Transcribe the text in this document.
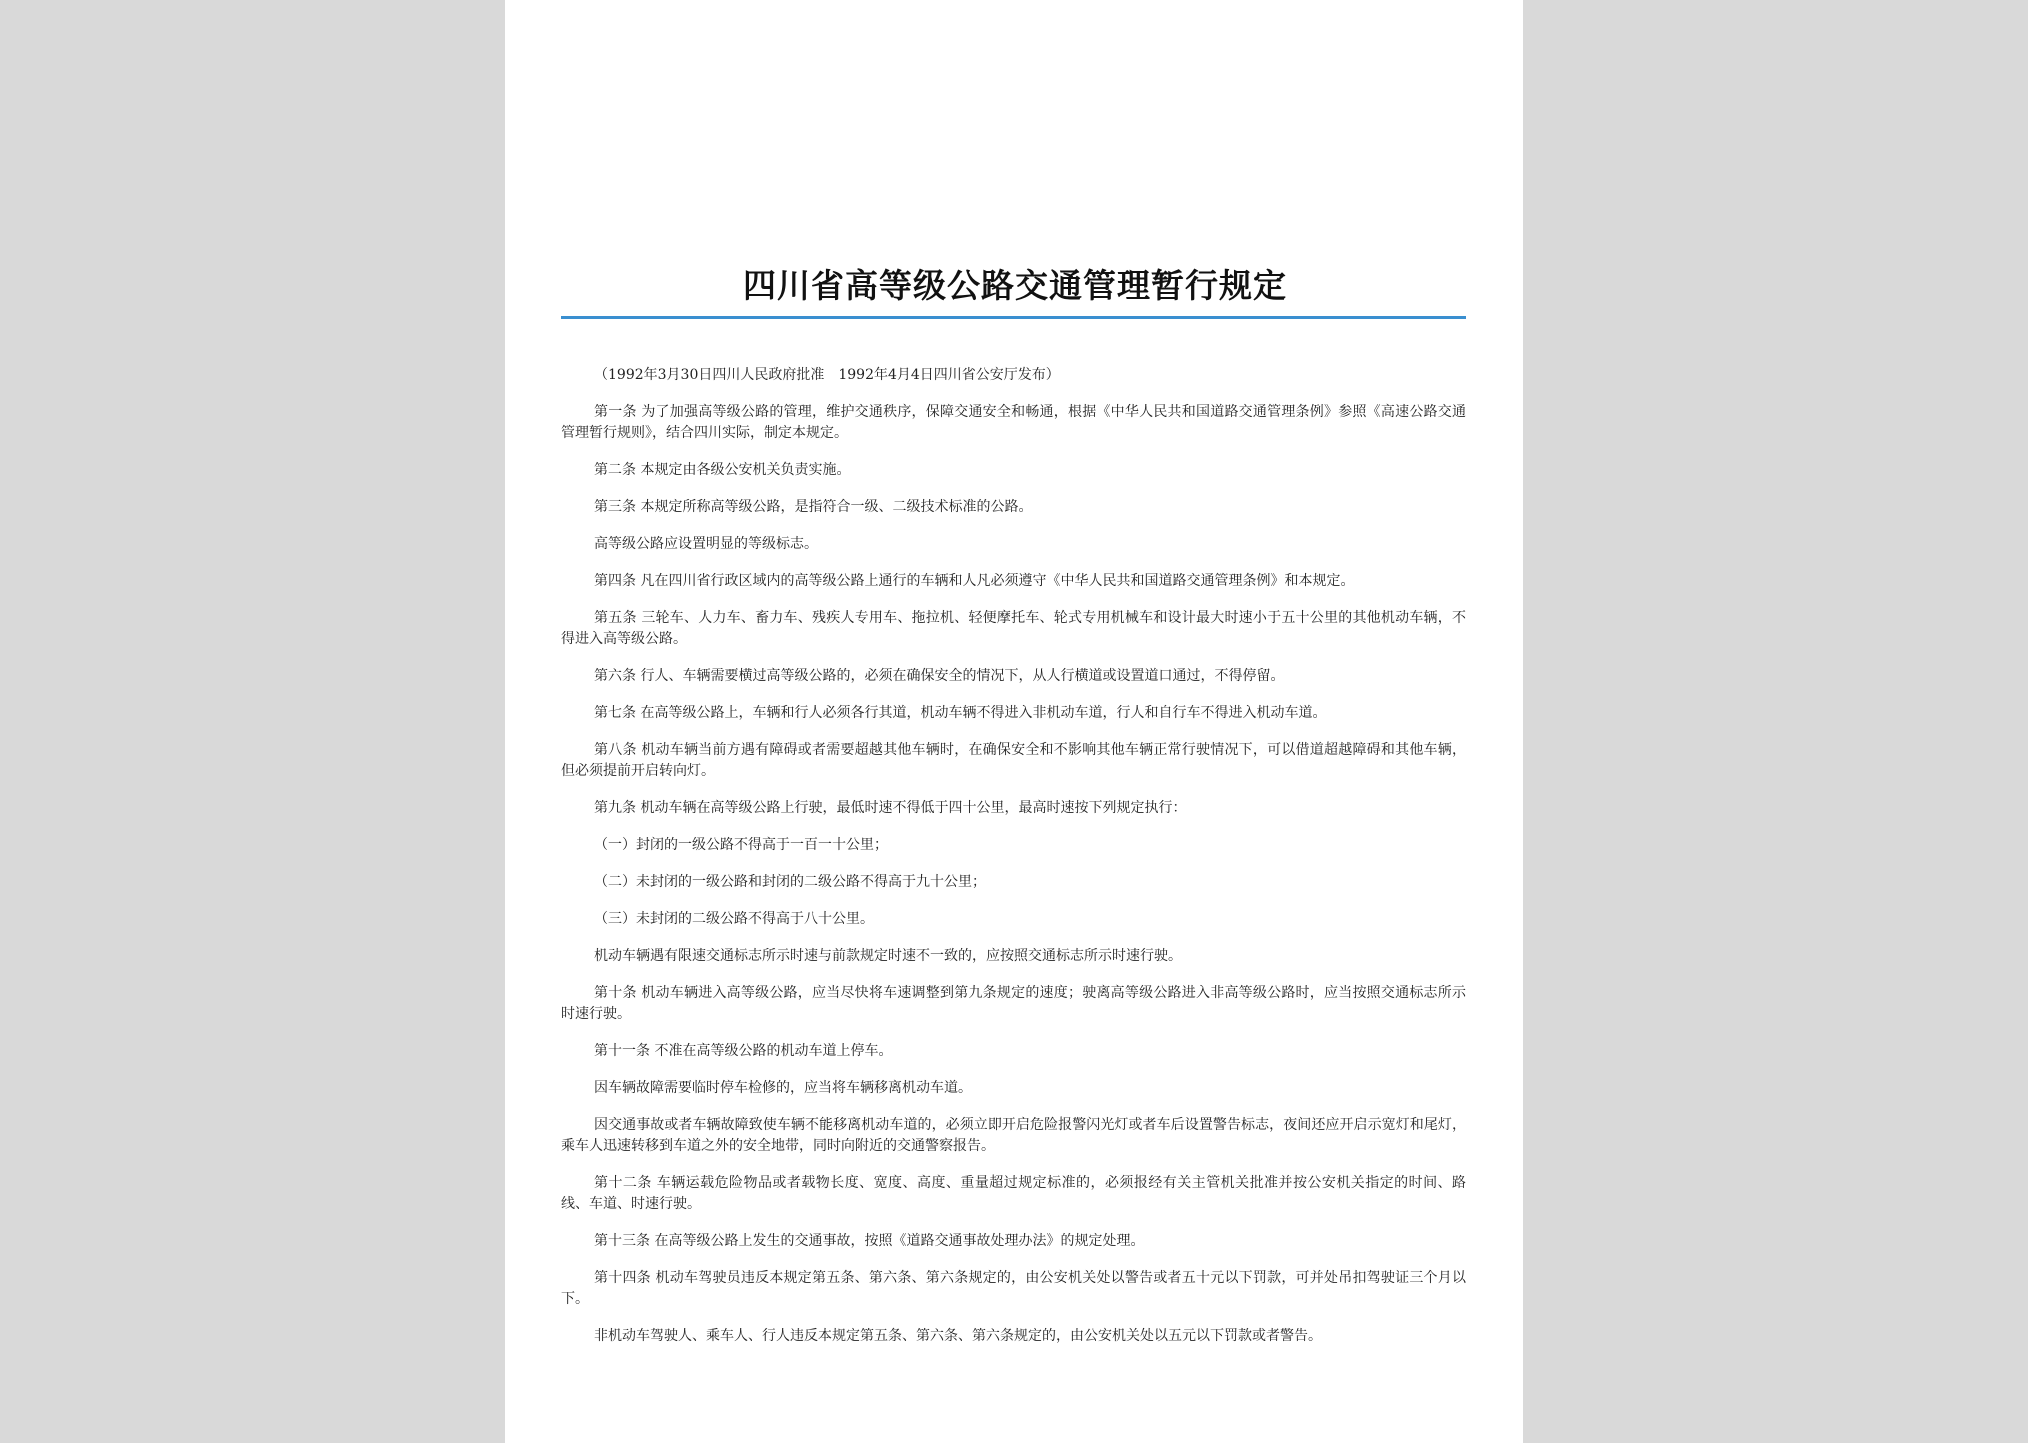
四川省高等级公路交通管理暂行规定

（1992年3月30日四川人民政府批准　1992年4月4日四川省公安厅发布）

第一条 为了加强高等级公路的管理，维护交通秩序，保障交通安全和畅通，根据《中华人民共和国道路交通管理条例》参照《高速公路交通管理暂行规则》，结合四川实际，制定本规定。

第二条 本规定由各级公安机关负责实施。

第三条 本规定所称高等级公路，是指符合一级、二级技术标准的公路。

高等级公路应设置明显的等级标志。

第四条 凡在四川省行政区域内的高等级公路上通行的车辆和人凡必须遵守《中华人民共和国道路交通管理条例》和本规定。

第五条 三轮车、人力车、畜力车、残疾人专用车、拖拉机、轻便摩托车、轮式专用机械车和设计最大时速小于五十公里的其他机动车辆，不得进入高等级公路。

第六条 行人、车辆需要横过高等级公路的，必须在确保安全的情况下，从人行横道或设置道口通过，不得停留。

第七条 在高等级公路上，车辆和行人必须各行其道，机动车辆不得进入非机动车道，行人和自行车不得进入机动车道。

第八条 机动车辆当前方遇有障碍或者需要超越其他车辆时，在确保安全和不影响其他车辆正常行驶情况下，可以借道超越障碍和其他车辆，但必须提前开启转向灯。

第九条 机动车辆在高等级公路上行驶，最低时速不得低于四十公里，最高时速按下列规定执行：

（一）封闭的一级公路不得高于一百一十公里；

（二）未封闭的一级公路和封闭的二级公路不得高于九十公里；

（三）未封闭的二级公路不得高于八十公里。

机动车辆遇有限速交通标志所示时速与前款规定时速不一致的，应按照交通标志所示时速行驶。

第十条 机动车辆进入高等级公路，应当尽快将车速调整到第九条规定的速度；驶离高等级公路进入非高等级公路时，应当按照交通标志所示时速行驶。

第十一条 不准在高等级公路的机动车道上停车。

因车辆故障需要临时停车检修的，应当将车辆移离机动车道。

因交通事故或者车辆故障致使车辆不能移离机动车道的，必须立即开启危险报警闪光灯或者车后设置警告标志，夜间还应开启示宽灯和尾灯，乘车人迅速转移到车道之外的安全地带，同时向附近的交通警察报告。

第十二条 车辆运载危险物品或者载物长度、宽度、高度、重量超过规定标准的，必须报经有关主管机关批准并按公安机关指定的时间、路线、车道、时速行驶。

第十三条 在高等级公路上发生的交通事故，按照《道路交通事故处理办法》的规定处理。

第十四条 机动车驾驶员违反本规定第五条、第六条、第六条规定的，由公安机关处以警告或者五十元以下罚款，可并处吊扣驾驶证三个月以下。

非机动车驾驶人、乘车人、行人违反本规定第五条、第六条、第六条规定的，由公安机关处以五元以下罚款或者警告。
